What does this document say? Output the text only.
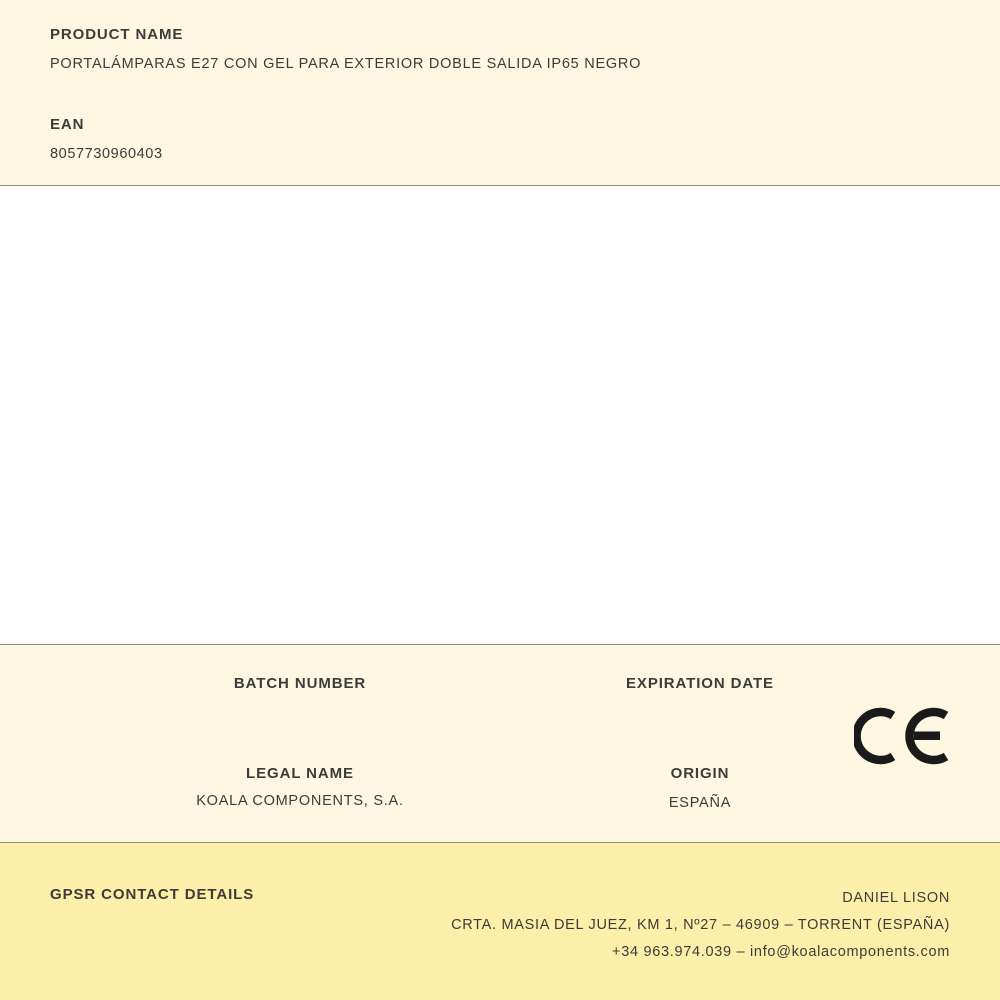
PRODUCT NAME
PORTALÁMPARAS E27 CON GEL PARA EXTERIOR DOBLE SALIDA IP65 NEGRO
EAN
8057730960403
BATCH NUMBER	EXPIRATION DATE
LEGAL NAME
KOALA COMPONENTS, S.A.
ORIGIN
ESPAÑA
GPSR CONTACT DETAILS	DANIEL LISON
CRTA. MASIA DEL JUEZ, KM 1, Nº27 – 46909 – TORRENT (ESPAÑA)
+34 963.974.039 – info@koalacomponents.com
